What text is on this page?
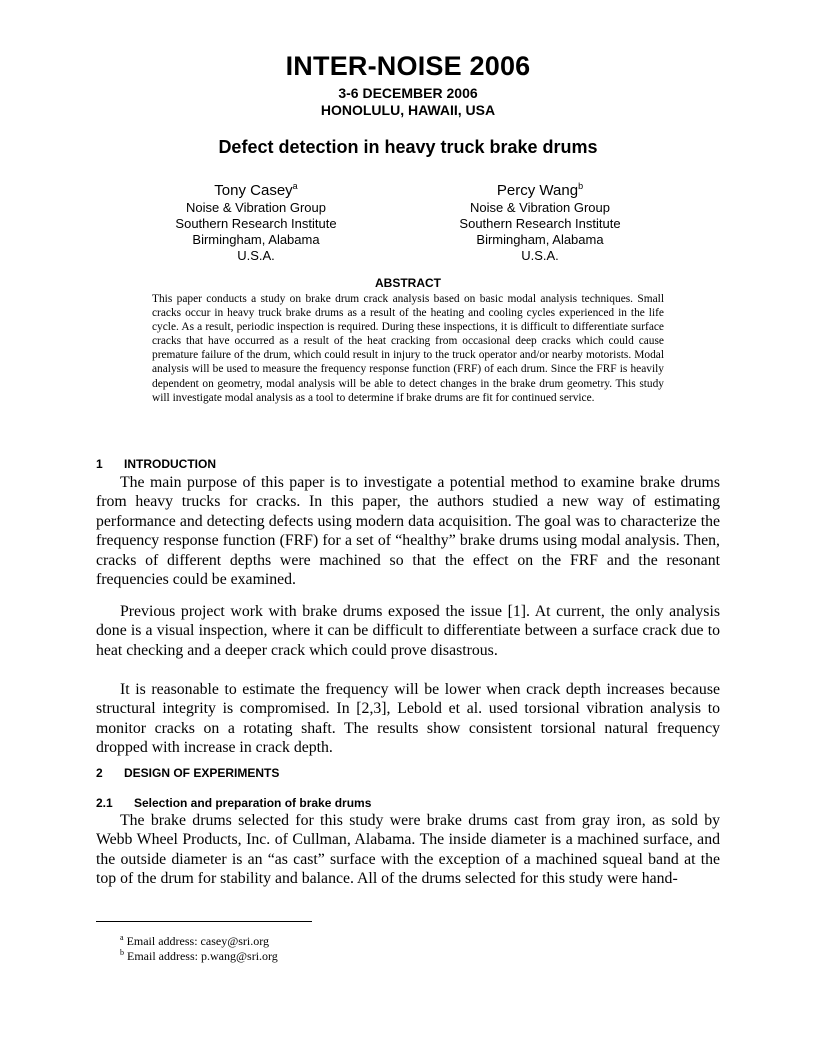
INTER-NOISE 2006
3-6 DECEMBER 2006
HONOLULU, HAWAII, USA
Defect detection in heavy truck brake drums
Tony Casey$^a$
Noise & Vibration Group
Southern Research Institute
Birmingham, Alabama
U.S.A.
Percy Wang$^b$
Noise & Vibration Group
Southern Research Institute
Birmingham, Alabama
U.S.A.
ABSTRACT
This paper conducts a study on brake drum crack analysis based on basic modal analysis techniques. Small cracks occur in heavy truck brake drums as a result of the heating and cooling cycles experienced in the life cycle. As a result, periodic inspection is required. During these inspections, it is difficult to differentiate surface cracks that have occurred as a result of the heat cracking from occasional deep cracks which could cause premature failure of the drum, which could result in injury to the truck operator and/or nearby motorists. Modal analysis will be used to measure the frequency response function (FRF) of each drum. Since the FRF is heavily dependent on geometry, modal analysis will be able to detect changes in the brake drum geometry. This study will investigate modal analysis as a tool to determine if brake drums are fit for continued service.
1 INTRODUCTION
The main purpose of this paper is to investigate a potential method to examine brake drums from heavy trucks for cracks. In this paper, the authors studied a new way of estimating performance and detecting defects using modern data acquisition. The goal was to characterize the frequency response function (FRF) for a set of “healthy” brake drums using modal analysis. Then, cracks of different depths were machined so that the effect on the FRF and the resonant frequencies could be examined.
Previous project work with brake drums exposed the issue [1]. At current, the only analysis done is a visual inspection, where it can be difficult to differentiate between a surface crack due to heat checking and a deeper crack which could prove disastrous.
It is reasonable to estimate the frequency will be lower when crack depth increases because structural integrity is compromised. In [2,3], Lebold et al. used torsional vibration analysis to monitor cracks on a rotating shaft. The results show consistent torsional natural frequency dropped with increase in crack depth.
2 DESIGN OF EXPERIMENTS
2.1 Selection and preparation of brake drums
The brake drums selected for this study were brake drums cast from gray iron, as sold by Webb Wheel Products, Inc. of Cullman, Alabama. The inside diameter is a machined surface, and the outside diameter is an “as cast” surface with the exception of a machined squeal band at the top of the drum for stability and balance. All of the drums selected for this study were hand-
$^a$ Email address: casey@sri.org
$^b$ Email address: p.wang@sri.org
